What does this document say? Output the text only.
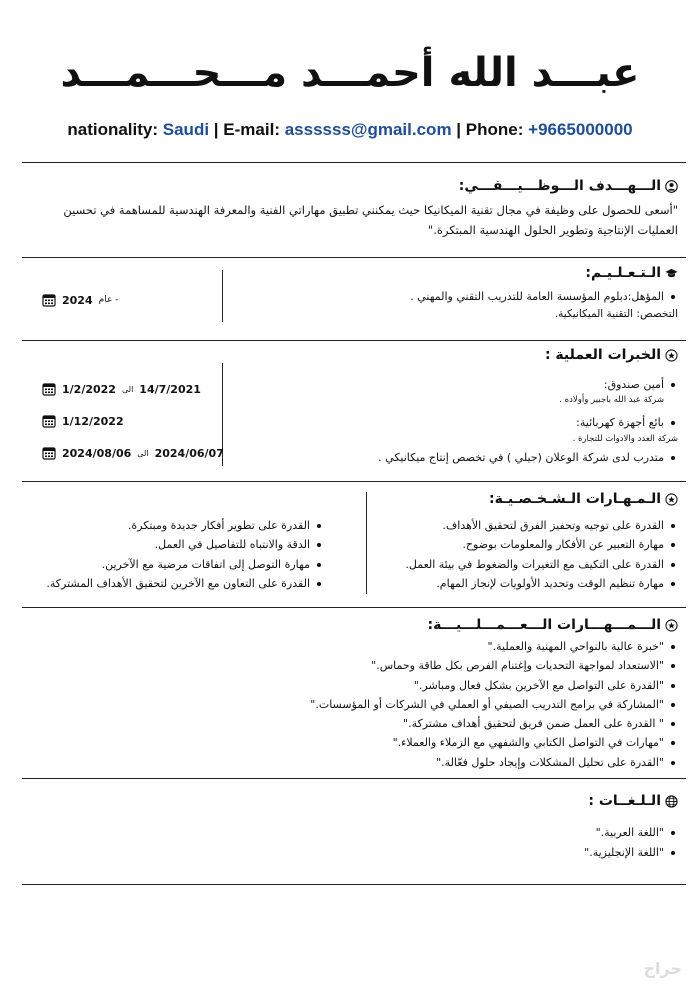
عبـــد الله أحمـــد مـــحـــمـــد
nationality: Saudi | E-mail: assssss@gmail.com | Phone: +9665000000
الـــهـــدف الـــوظـــيـــفـــي:
"أسعى للحصول على وظيفة في مجال تقنية الميكانيكا حيث يمكنني تطبيق مهاراتي الفنية والمعرفة الهندسية للمساهمة في تحسين
العمليات الإنتاجية وتطوير الحلول الهندسية المبتكرة."
الـتـعـلـيـم:
المؤهل:دبلوم المؤسسة العامة للتدريب التقني والمهني .
التخصص: التقنية الميكانيكية.
2024 عام -
الخبرات العملية :
أمين صندوق:
شركة عبد الله باجبير وأولاده .
بائع أجهزة كهربائية:
شركة العدد والادوات للتجارة .
متدرب لدى شركة الوعلان (جيلي ) في تخصص إنتاج ميكانيكي .
1/2/2022 الى 14/7/2021
1/12/2022
2024/08/06 الى 2024/06/07
الـمـهـارات الـشـخـصـيـة:
القدرة على توجيه وتحفيز الفرق لتحقيق الأهداف.
مهارة التعبير عن الأفكار والمعلومات بوضوح.
القدرة على التكيف مع التغيرات والضغوط في بيئة العمل.
مهارة تنظيم الوقت وتحديد الأولويات لإنجاز المهام.
القدرة على تطوير أفكار جديدة ومبتكرة.
الدقة والانتباه للتفاصيل في العمل.
مهارة التوصل إلى اتفاقات مرضية مع الآخرين.
القدرة على التعاون مع الآخرين لتحقيق الأهداف المشتركة.
الـــمـــهـــارات الـــعـــمـــلـــيـــة:
"خبرة عالية بالنواحي المهنية والعملية."
"الاستعداد لمواجهة التحديات وإغتنام الفرص بكل طاقة وحماس."
"القدرة على التواصل مع الآخرين بشكل فعال ومباشر."
"المشاركة في برامج التدريب الصيفي أو العملي في الشركات أو المؤسسات."
" القدرة على العمل ضمن فريق لتحقيق أهداف مشتركة."
"مهارات في التواصل الكتابي والشفهي مع الزملاء والعملاء."
"القدرة على تحليل المشكلات وإيجاد حلول فعّالة."
الـلـغــات :
"اللغة العربية."
"اللغة الإنجليزية."
حراج
